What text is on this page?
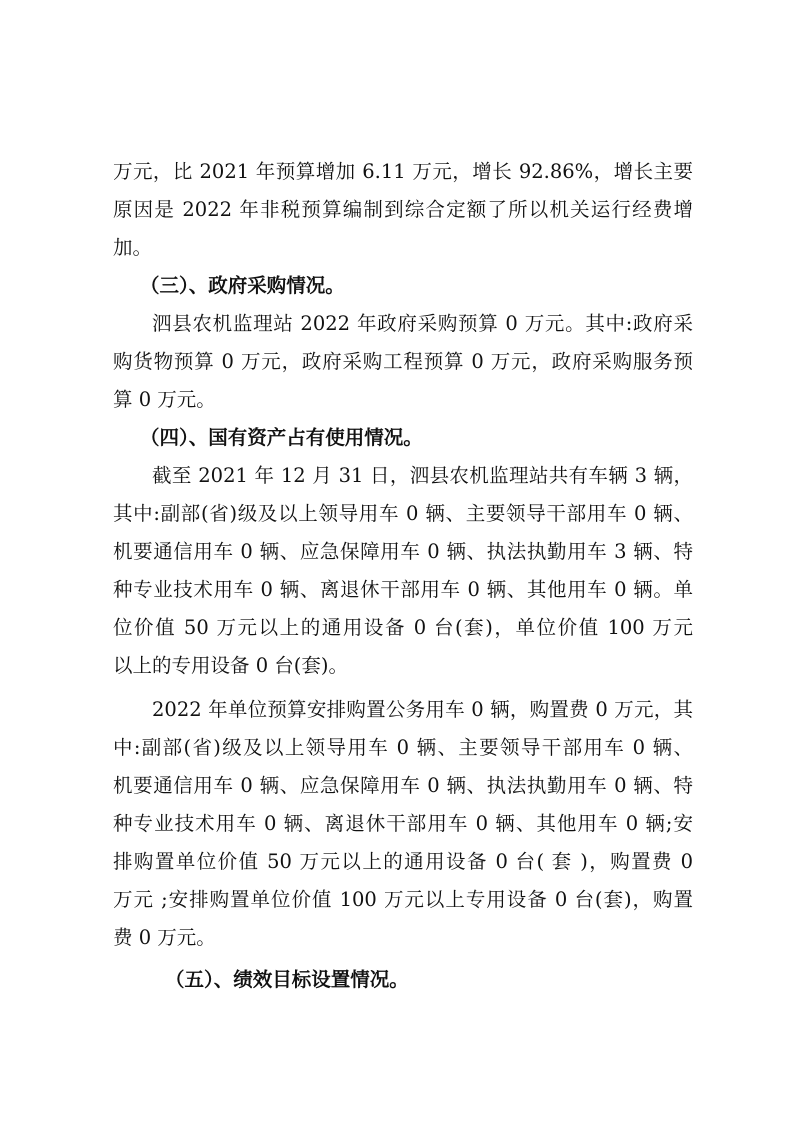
万元，比 2021 年预算增加 6.11 万元，增长 92.86%，增长主要
原因是 2022 年非税预算编制到综合定额了所以机关运行经费增
加。
（三）、政府采购情况。
泗县农机监理站 2022 年政府采购预算 0 万元。其中:政府采
购货物预算 0 万元，政府采购工程预算 0 万元，政府采购服务预
算 0 万元。
（四）、国有资产占有使用情况。
截至 2021 年 12 月 31 日，泗县农机监理站共有车辆 3 辆，
其中:副部(省)级及以上领导用车 0 辆、主要领导干部用车 0 辆、
机要通信用车 0 辆、应急保障用车 0 辆、执法执勤用车 3 辆、特
种专业技术用车 0 辆、离退休干部用车 0 辆、其他用车 0 辆。单
位价值 50 万元以上的通用设备 0 台(套)，单位价值 100 万元
以上的专用设备 0 台(套)。
2022 年单位预算安排购置公务用车 0 辆，购置费 0 万元，其
中:副部(省)级及以上领导用车 0 辆、主要领导干部用车 0 辆、
机要通信用车 0 辆、应急保障用车 0 辆、执法执勤用车 0 辆、特
种专业技术用车 0 辆、离退休干部用车 0 辆、其他用车 0 辆;安
排购置单位价值 50 万元以上的通用设备 0 台( 套 )，购置费 0
万元 ;安排购置单位价值 100 万元以上专用设备 0 台(套)，购置
费 0 万元。
（五）、绩效目标设置情况。
